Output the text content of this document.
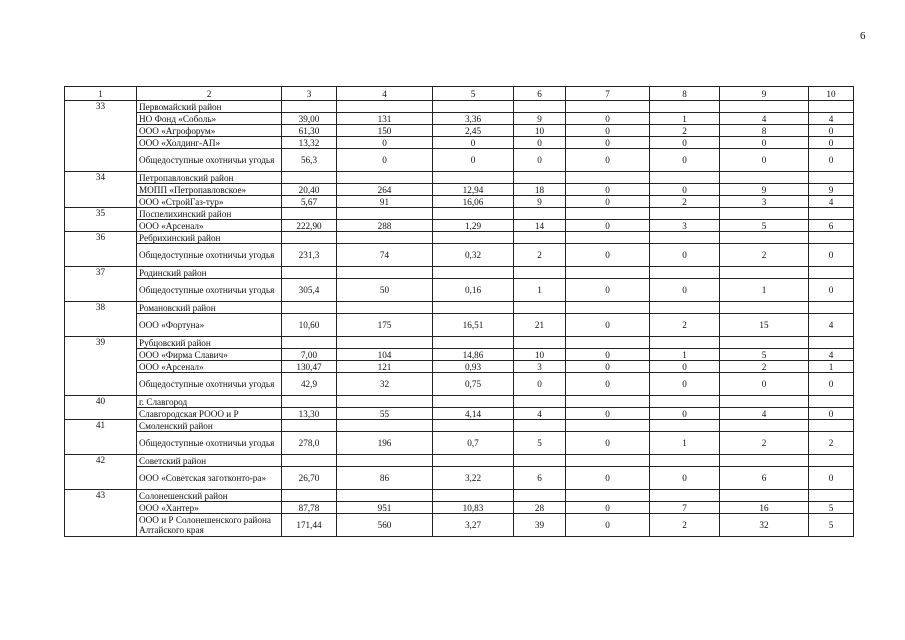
6
1	2	3	4	5	6	7	8	9	10
33	Первомайский район								
	НО Фонд «Соболь»	39,00	131	3,36	9	0	1	4	4
	ООО «Агрофорум»	61,30	150	2,45	10	0	2	8	0
	ООО «Холдинг-АП»	13,32	0	0	0	0	0	0	0
	Общедоступные охотничьи угодья	56,3	0	0	0	0	0	0	0
34	Петропавловский район								
	МОПП «Петропавловское»	20,40	264	12,94	18	0	0	9	9
	ООО «СтройГаз-тур»	5,67	91	16,06	9	0	2	3	4
35	Поспелихинский район								
	ООО «Арсенал»	222,90	288	1,29	14	0	3	5	6
36	Ребрихинский район								
	Общедоступные охотничьи угодья	231,3	74	0,32	2	0	0	2	0
37	Родинский район								
	Общедоступные охотничьи угодья	305,4	50	0,16	1	0	0	1	0
38	Романовский район								
	ООО «Фортуна»	10,60	175	16,51	21	0	2	15	4
39	Рубцовский район								
	ООО «Фирма Славич»	7,00	104	14,86	10	0	1	5	4
	ООО «Арсенал»	130,47	121	0,93	3	0	0	2	1
	Общедоступные охотничьи угодья	42,9	32	0,75	0	0	0	0	0
40	г. Славгород								
	Славгородская РООО и Р	13,30	55	4,14	4	0	0	4	0
41	Смоленский район								
	Общедоступные охотничьи угодья	278,0	196	0,7	5	0	1	2	2
42	Советский район								
	ООО «Советская заготконто-ра»	26,70	86	3,22	6	0	0	6	0
43	Солонешенский район								
	ООО «Хантер»	87,78	951	10,83	28	0	7	16	5
	ООО и Р Солонешенского района Алтайского края	171,44	560	3,27	39	0	2	32	5
